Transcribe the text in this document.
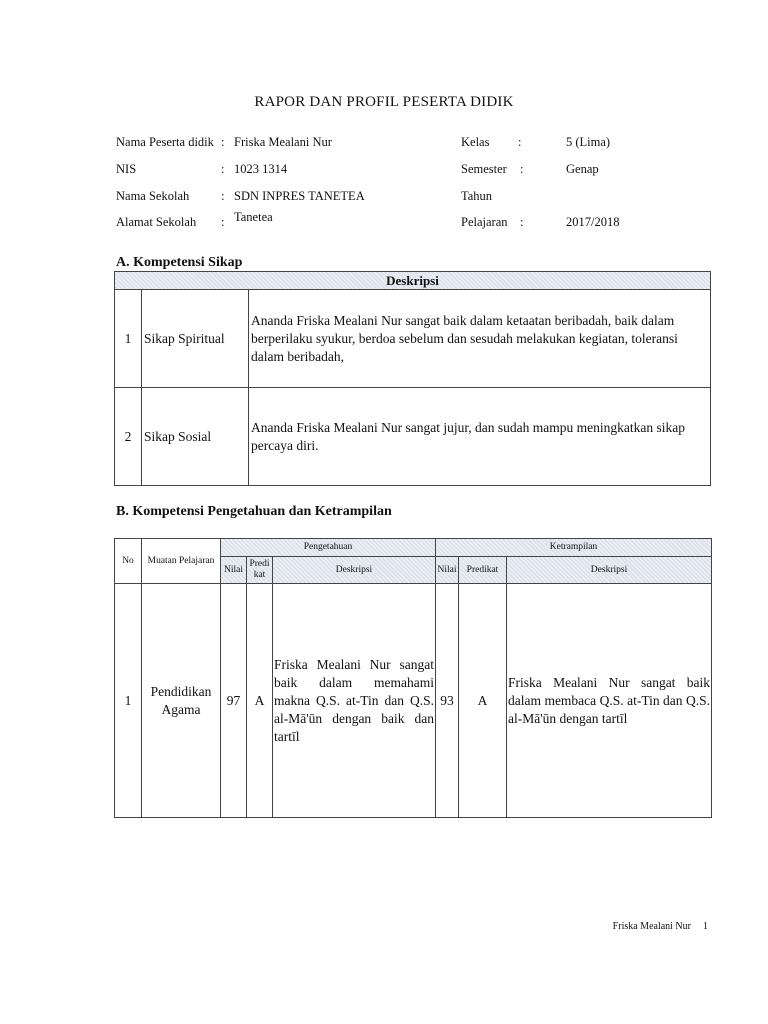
RAPOR DAN PROFIL PESERTA DIDIK
Nama Peserta didik : Friska Mealani Nur
NIS	: 1023 1314
Nama Sekolah	: SDN INPRES TANETEA
Alamat Sekolah : Tanetea
Kelas :	5 (Lima)
Semester :	Genap
Tahun
Pelajaran :	2017/2018
A. Kompetensi Sikap
Deskripsi		
1	Sikap Spiritual	Ananda Friska Mealani Nur sangat baik dalam ketaatan beribadah, baik dalam berperilaku syukur, berdoa sebelum dan sesudah melakukan kegiatan, toleransi dalam beribadah,
2	Sikap Sosial	Ananda Friska Mealani Nur sangat jujur, dan sudah mampu meningkatkan sikap percaya diri.
B. Kompetensi Pengetahuan dan Ketrampilan
No	Muatan Pelajaran	Pengetahuan			Ketrampilan		
		Nilai	Predi kat	Deskripsi	Nilai	Predikat	Deskripsi
1	Pendidikan Agama	97	A	Friska Mealani Nur sangat baik dalam memahami makna Q.S. at-Tin dan Q.S. al-Mā'ūn dengan baik dan tartīl	93	A	Friska Mealani Nur sangat baik dalam membaca Q.S. at-Tin dan Q.S. al-Mā'ūn dengan tartīl
Friska Mealani Nur 1
